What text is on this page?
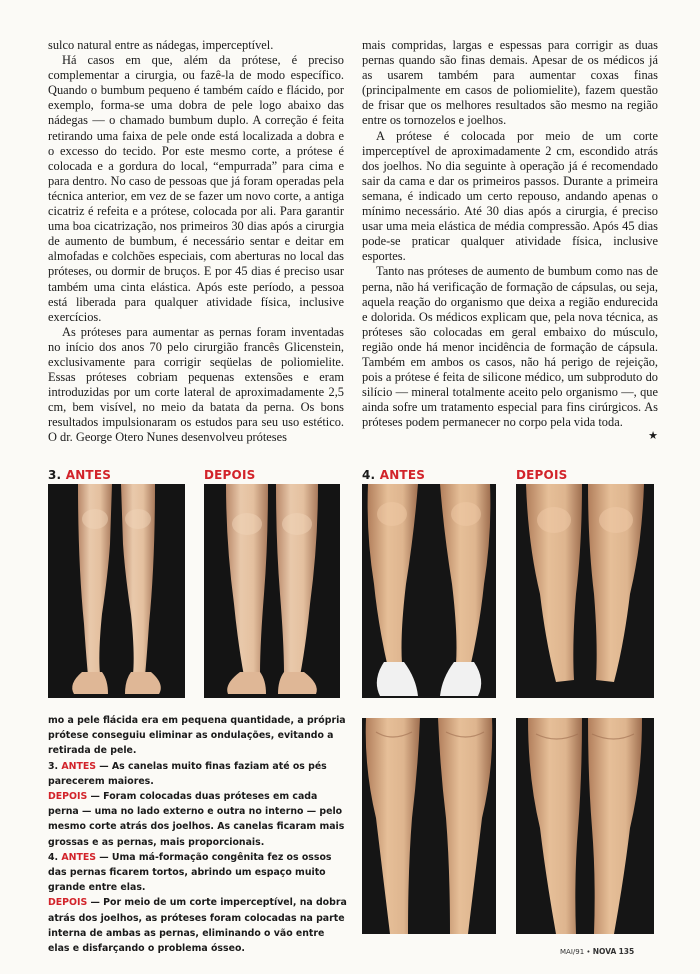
sulco natural entre as nádegas, imperceptível.

Há casos em que, além da prótese, é preciso complementar a cirurgia, ou fazê-la de modo específico. Quando o bumbum pequeno é também caído e flácido, por exemplo, forma-se uma dobra de pele logo abaixo das nádegas — o chamado bumbum duplo. A correção é feita retirando uma faixa de pele onde está localizada a dobra e o excesso do tecido. Por este mesmo corte, a prótese é colocada e a gordura do local, “empurrada” para cima e para dentro. No caso de pessoas que já foram operadas pela técnica anterior, em vez de se fazer um novo corte, a antiga cicatriz é refeita e a prótese, colocada por ali. Para garantir uma boa cicatrização, nos primeiros 30 dias após a cirurgia de aumento de bumbum, é necessário sentar e deitar em almofadas e colchões especiais, com aberturas no local das próteses, ou dormir de bruços. E por 45 dias é preciso usar também uma cinta elástica. Após este período, a pessoa está liberada para qualquer atividade física, inclusive exercícios.

As próteses para aumentar as pernas foram inventadas no início dos anos 70 pelo cirurgião francês Glicenstein, exclusivamente para corrigir seqüelas de poliomielite. Essas próteses cobriam pequenas extensões e eram introduzidas por um corte lateral de aproximadamente 2,5 cm, bem visível, no meio da batata da perna. Os bons resultados impulsionaram os estudos para seu uso estético. O dr. George Otero Nunes desenvolveu próteses

mais compridas, largas e espessas para corrigir as duas pernas quando são finas demais. Apesar de os médicos já as usarem também para aumentar coxas finas (principalmente em casos de poliomielite), fazem questão de frisar que os melhores resultados são mesmo na região entre os tornozelos e joelhos.

A prótese é colocada por meio de um corte imperceptível de aproximadamente 2 cm, escondido atrás dos joelhos. No dia seguinte à operação já é recomendado sair da cama e dar os primeiros passos. Durante a primeira semana, é indicado um certo repouso, andando apenas o mínimo necessário. Até 30 dias após a cirurgia, é preciso usar uma meia elástica de média compressão. Após 45 dias pode-se praticar qualquer atividade física, inclusive esportes.

Tanto nas próteses de aumento de bumbum como nas de perna, não há verificação de formação de cápsulas, ou seja, aquela reação do organismo que deixa a região endurecida e dolorida. Os médicos explicam que, pela nova técnica, as próteses são colocadas em geral embaixo do músculo, região onde há menor incidência de formação de cápsula. Também em ambos os casos, não há perigo de rejeição, pois a prótese é feita de silicone médico, um subproduto do silício — mineral totalmente aceito pelo organismo —, que ainda sofre um tratamento especial para fins cirúrgicos. As próteses podem permanecer no corpo pela vida toda.

★
3. ANTES	DEPOIS	4. ANTES	DEPOIS

mo a pele flácida era em pequena quantidade, a própria prótese conseguiu eliminar as ondulações, evitando a retirada de pele.

3. ANTES — As canelas muito finas faziam até os pés parecerem maiores.

DEPOIS — Foram colocadas duas próteses em cada perna — uma no lado externo e outra no interno — pelo mesmo corte atrás dos joelhos. As canelas ficaram mais grossas e as pernas, mais proporcionais.

4. ANTES — Uma má-formação congênita fez os ossos das pernas ficarem tortos, abrindo um espaço muito grande entre elas.

DEPOIS — Por meio de um corte imperceptível, na dobra atrás dos joelhos, as próteses foram colocadas na parte interna de ambas as pernas, eliminando o vão entre elas e disfarçando o problema ósseo.	MAI/91 • NOVA 135
